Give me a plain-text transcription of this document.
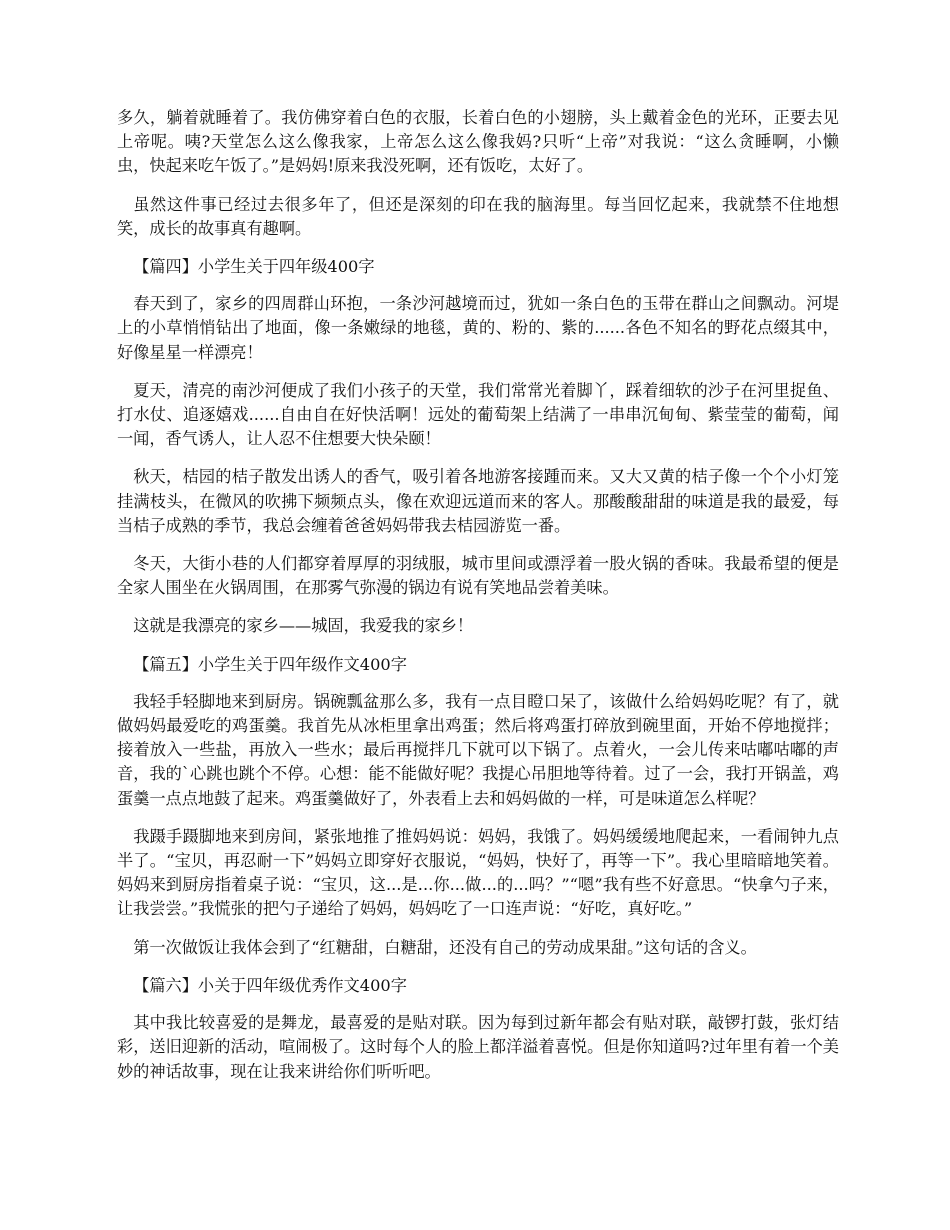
多久，躺着就睡着了。我仿佛穿着白色的衣服，长着白色的小翅膀，头上戴着金色的光环，正要去见上帝呢。咦?天堂怎么这么像我家，上帝怎么这么像我妈?只听“上帝”对我说：“这么贪睡啊，小懒虫，快起来吃午饭了。”是妈妈!原来我没死啊，还有饭吃，太好了。

虽然这件事已经过去很多年了，但还是深刻的印在我的脑海里。每当回忆起来，我就禁不住地想笑，成长的故事真有趣啊。

【篇四】小学生关于四年级400字

春天到了，家乡的四周群山环抱，一条沙河越境而过，犹如一条白色的玉带在群山之间飘动。河堤上的小草悄悄钻出了地面，像一条嫩绿的地毯，黄的、粉的、紫的......各色不知名的野花点缀其中，好像星星一样漂亮！

夏天，清亮的南沙河便成了我们小孩子的天堂，我们常常光着脚丫，踩着细软的沙子在河里捉鱼、打水仗、追逐嬉戏......自由自在好快活啊！远处的葡萄架上结满了一串串沉甸甸、紫莹莹的葡萄，闻一闻，香气诱人，让人忍不住想要大快朵颐！

秋天，桔园的桔子散发出诱人的香气，吸引着各地游客接踵而来。又大又黄的桔子像一个个小灯笼挂满枝头，在微风的吹拂下频频点头，像在欢迎远道而来的客人。那酸酸甜甜的味道是我的最爱，每当桔子成熟的季节，我总会缠着爸爸妈妈带我去桔园游览一番。

冬天，大街小巷的人们都穿着厚厚的羽绒服，城市里间或漂浮着一股火锅的香味。我最希望的便是全家人围坐在火锅周围，在那雾气弥漫的锅边有说有笑地品尝着美味。

这就是我漂亮的家乡——城固，我爱我的家乡！

【篇五】小学生关于四年级作文400字

我轻手轻脚地来到厨房。锅碗瓢盆那么多，我有一点目瞪口呆了，该做什么给妈妈吃呢？有了，就做妈妈最爱吃的鸡蛋羹。我首先从冰柜里拿出鸡蛋；然后将鸡蛋打碎放到碗里面，开始不停地搅拌；接着放入一些盐，再放入一些水；最后再搅拌几下就可以下锅了。点着火，一会儿传来咕嘟咕嘟的声音，我的`心跳也跳个不停。心想：能不能做好呢？我提心吊胆地等待着。过了一会，我打开锅盖，鸡蛋羹一点点地鼓了起来。鸡蛋羹做好了，外表看上去和妈妈做的一样，可是味道怎么样呢？

我蹑手蹑脚地来到房间，紧张地推了推妈妈说：妈妈，我饿了。妈妈缓缓地爬起来，一看闹钟九点半了。“宝贝，再忍耐一下”妈妈立即穿好衣服说，“妈妈，快好了，再等一下”。我心里暗暗地笑着。妈妈来到厨房指着桌子说：“宝贝，这...是...你...做...的...吗？”“嗯”我有些不好意思。“快拿勺子来，让我尝尝。”我慌张的把勺子递给了妈妈，妈妈吃了一口连声说：“好吃，真好吃。”

第一次做饭让我体会到了“红糖甜，白糖甜，还没有自己的劳动成果甜。”这句话的含义。

【篇六】小关于四年级优秀作文400字

其中我比较喜爱的是舞龙，最喜爱的是贴对联。因为每到过新年都会有贴对联，敲锣打鼓，张灯结彩，送旧迎新的活动，喧闹极了。这时每个人的脸上都洋溢着喜悦。但是你知道吗?过年里有着一个美妙的神话故事，现在让我来讲给你们听听吧。
